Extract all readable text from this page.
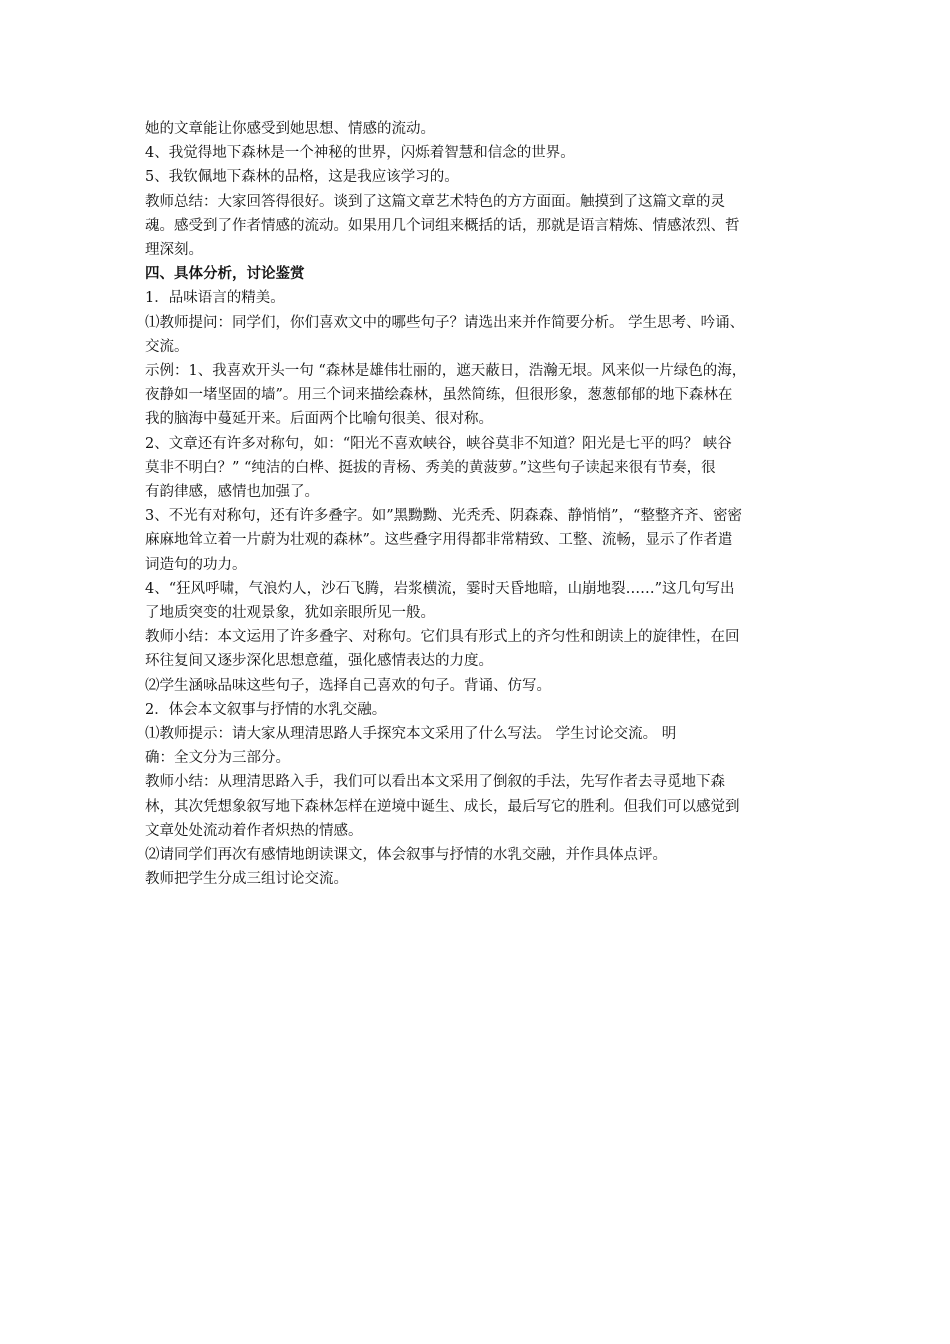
她的文章能让你感受到她思想、情感的流动。

4、我觉得地下森林是一个神秘的世界，闪烁着智慧和信念的世界。

5、我钦佩地下森林的品格，这是我应该学习的。

教师总结：大家回答得很好。谈到了这篇文章艺术特色的方方面面。触摸到了这篇文章的灵

魂。感受到了作者情感的流动。如果用几个词组来概括的话，那就是语言精炼、情感浓烈、哲

理深刻。

四、具体分析，讨论鉴赏

1．品味语言的精美。

⑴教师提问：同学们，你们喜欢文中的哪些句子？请选出来并作简要分析。 学生思考、吟诵、

交流。

示例：1、我喜欢开头一句 “森林是雄伟壮丽的，遮天蔽日，浩瀚无垠。风来似一片绿色的海，

夜静如一堵坚固的墙”。用三个词来描绘森林，虽然简练，但很形象，葱葱郁郁的地下森林在

我的脑海中蔓延开来。后面两个比喻句很美、很对称。

2、文章还有许多对称句，如：“阳光不喜欢峡谷，峡谷莫非不知道？阳光是七平的吗？ 峡谷

莫非不明白？” “纯洁的白桦、挺拔的青杨、秀美的黄菠萝。”这些句子读起来很有节奏，很

有韵律感，感情也加强了。

3、不光有对称句，还有许多叠字。如”黑黝黝、光秃秃、阴森森、静悄悄”，“整整齐齐、密密

麻麻地耸立着一片蔚为壮观的森林”。这些叠字用得都非常精致、工整、流畅，显示了作者遣

词造句的功力。

4、“狂风呼啸，气浪灼人，沙石飞腾，岩浆横流，霎时天昏地暗，山崩地裂……”这几句写出

了地质突变的壮观景象，犹如亲眼所见一般。

教师小结：本文运用了许多叠字、对称句。它们具有形式上的齐匀性和朗读上的旋律性，在回

环往复间又逐步深化思想意蕴，强化感情表达的力度。

⑵学生涵咏品味这些句子，选择自己喜欢的句子。背诵、仿写。

2．体会本文叙事与抒情的水乳交融。

⑴教师提示：请大家从理清思路人手探究本文采用了什么写法。 学生讨论交流。 明

确：全文分为三部分。

教师小结：从理清思路入手，我们可以看出本文采用了倒叙的手法，先写作者去寻觅地下森

林，其次凭想象叙写地下森林怎样在逆境中诞生、成长，最后写它的胜利。但我们可以感觉到

文章处处流动着作者炽热的情感。

⑵请同学们再次有感情地朗读课文，体会叙事与抒情的水乳交融，并作具体点评。

教师把学生分成三组讨论交流。
